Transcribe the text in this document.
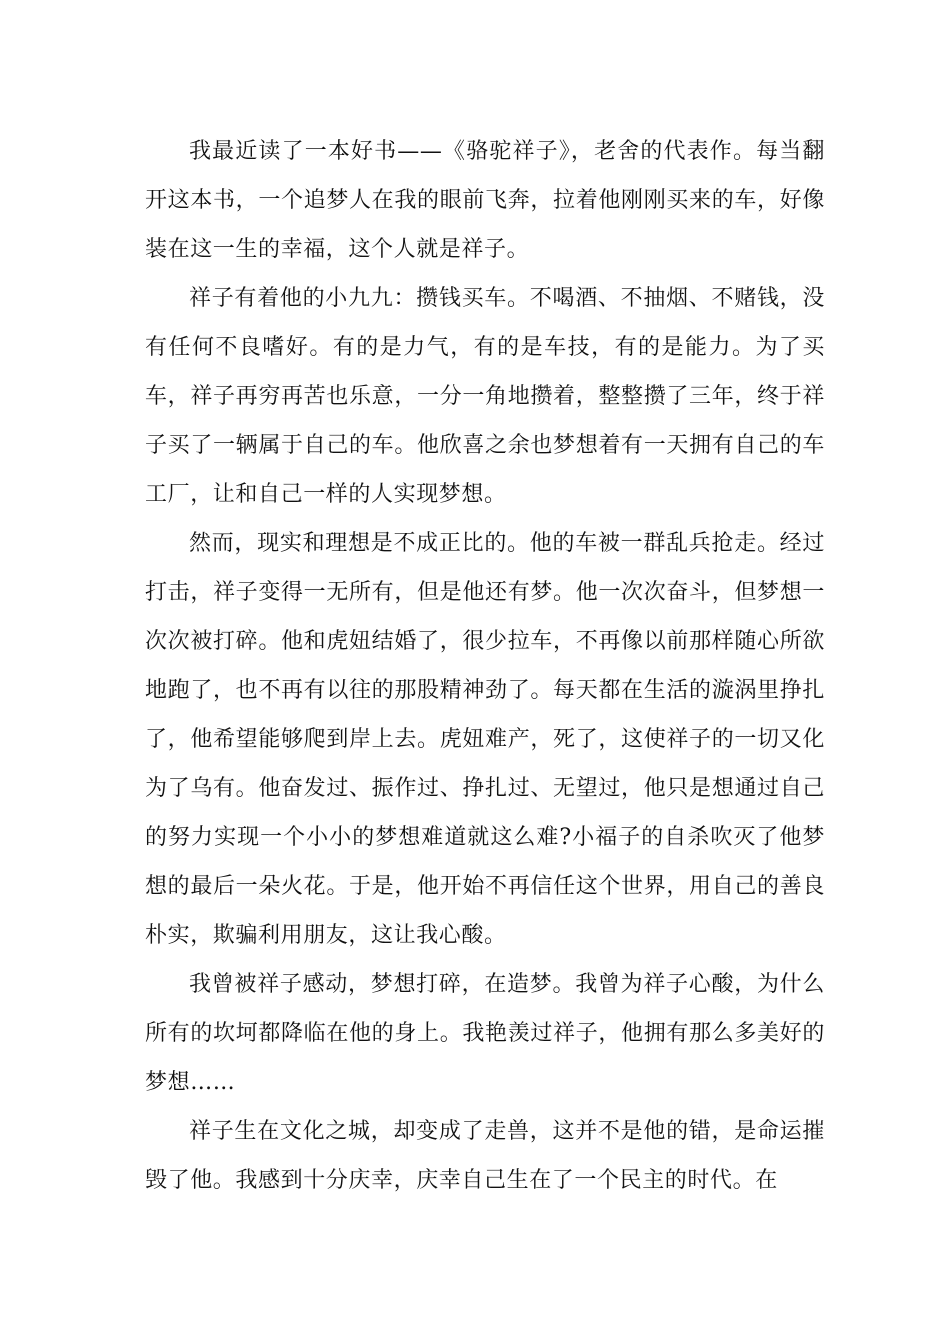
我最近读了一本好书——《骆驼祥子》，老舍的代表作。每当翻开这本书，一个追梦人在我的眼前飞奔，拉着他刚刚买来的车，好像装在这一生的幸福，这个人就是祥子。

祥子有着他的小九九：攒钱买车。不喝酒、不抽烟、不赌钱，没有任何不良嗜好。有的是力气，有的是车技，有的是能力。为了买车，祥子再穷再苦也乐意，一分一角地攒着，整整攒了三年，终于祥子买了一辆属于自己的车。他欣喜之余也梦想着有一天拥有自己的车工厂，让和自己一样的人实现梦想。

然而，现实和理想是不成正比的。他的车被一群乱兵抢走。经过打击，祥子变得一无所有，但是他还有梦。他一次次奋斗，但梦想一次次被打碎。他和虎妞结婚了，很少拉车，不再像以前那样随心所欲地跑了，也不再有以往的那股精神劲了。每天都在生活的漩涡里挣扎了，他希望能够爬到岸上去。虎妞难产，死了，这使祥子的一切又化为了乌有。他奋发过、振作过、挣扎过、无望过，他只是想通过自己的努力实现一个小小的梦想难道就这么难?小福子的自杀吹灭了他梦想的最后一朵火花。于是，他开始不再信任这个世界，用自己的善良朴实，欺骗利用朋友，这让我心酸。

我曾被祥子感动，梦想打碎，在造梦。我曾为祥子心酸，为什么所有的坎坷都降临在他的身上。我艳羡过祥子，他拥有那么多美好的梦想……

祥子生在文化之城，却变成了走兽，这并不是他的错，是命运摧毁了他。我感到十分庆幸，庆幸自己生在了一个民主的时代。在
